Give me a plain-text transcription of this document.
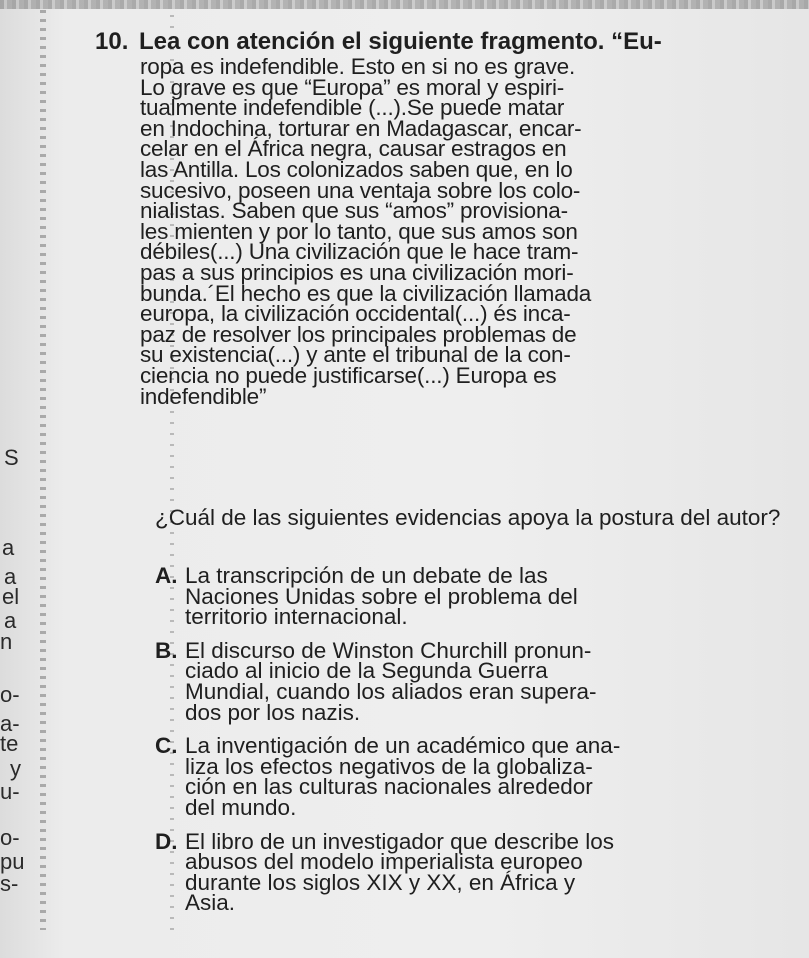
S
a
a
el
a
n
o-
a-
te
y
u-
o-
pu
s-
10. Lea con atención el siguiente fragmento. “Eu-
ropa es indefendible. Esto en si no es grave.
Lo grave es que “Europa” es moral y espiri-
tualmente indefendible (...).Se puede matar
en Indochina, torturar en Madagascar, encar-
celar en el África negra, causar estragos en
las Antilla. Los colonizados saben que, en lo
sucesivo, poseen una ventaja sobre los colo-
nialistas. Saben que sus “amos” provisiona-
les mienten y por lo tanto, que sus amos son
débiles(...) Una civilización que le hace tram-
pas a sus principios es una civilización mori-
bunda.´El hecho es que la civilización llamada
europa, la civilización occidental(...) és inca-
paz de resolver los principales problemas de
su existencia(...) y ante el tribunal de la con-
ciencia no puede justificarse(...) Europa es
indefendible”
¿Cuál de las siguientes evidencias apoya la postura del autor?
A. La transcripción de un debate de las
Naciones Unidas sobre el problema del
territorio internacional.
B. El discurso de Winston Churchill pronun-
ciado al inicio de la Segunda Guerra
Mundial, cuando los aliados eran supera-
dos por los nazis.
C. La inventigación de un académico que ana-
liza los efectos negativos de la globaliza-
ción en las culturas nacionales alrededor
del mundo.
D. El libro de un investigador que describe los
abusos del modelo imperialista europeo
durante los siglos XIX y XX, en África y
Asia.
